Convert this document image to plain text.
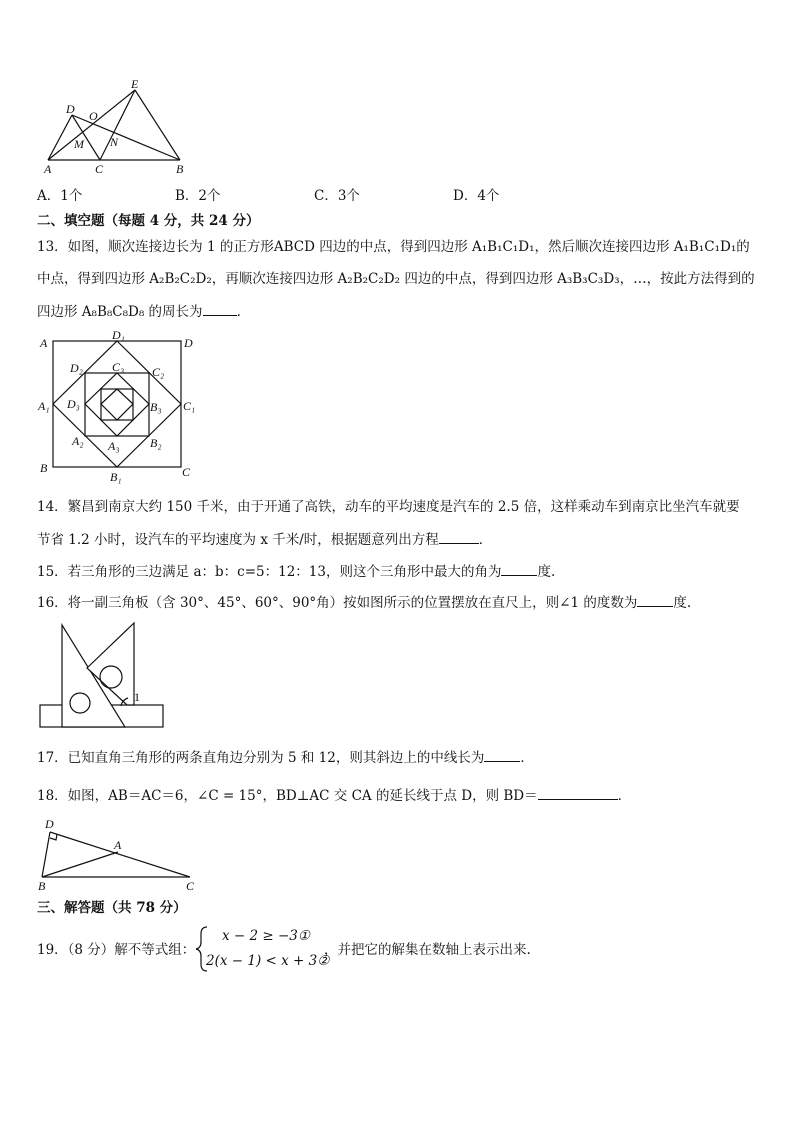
E
D O
M N
A	C	B
A．1个	B．2个	C．3个	D．4个
二、填空题（每题 4 分，共 24 分）
13．如图，顺次连接边长为 1 的正方形ABCD 四边的中点，得到四边形 A₁B₁C₁D₁，然后顺次连接四边形 A₁B₁C₁D₁的
中点，得到四边形 A₂B₂C₂D₂，再顺次连接四边形 A₂B₂C₂D₂ 四边的中点，得到四边形 A₃B₃C₃D₃，…，按此方法得到的
四边形 A₈B₈C₈D₈ 的周长为	．
A	D
B	C
D₁
A₁	C₁
B₁
D₂	C₂
A₂	B₂
C₃
D₃	B₃
A₃
14．繁昌到南京大约 150 千米，由于开通了高铁，动车的平均速度是汽车的 2.5 倍，这样乘动车到南京比坐汽车就要
节省 1.2 小时，设汽车的平均速度为 x 千米/时，根据题意列出方程	．
15．若三角形的三边满足 a：b：c=5：12：13，则这个三角形中最大的角为	度.
16．将一副三角板（含 30°、45°、60°、90°角）按如图所示的位置摆放在直尺上，则∠1 的度数为	度.
1
17．已知直角三角形的两条直角边分别为 5 和 12，则其斜边上的中线长为	．
18．如图，AB＝AC＝6，∠C = 15°，BD⊥AC 交 CA 的延长线于点 D，则 BD＝	．
D
A
B	C
三、解答题（共 78 分）
19．（8 分）解不等式组：
x − 2 ≥ −3①
2(x − 1) < x + 3②
，并把它的解集在数轴上表示出来.
